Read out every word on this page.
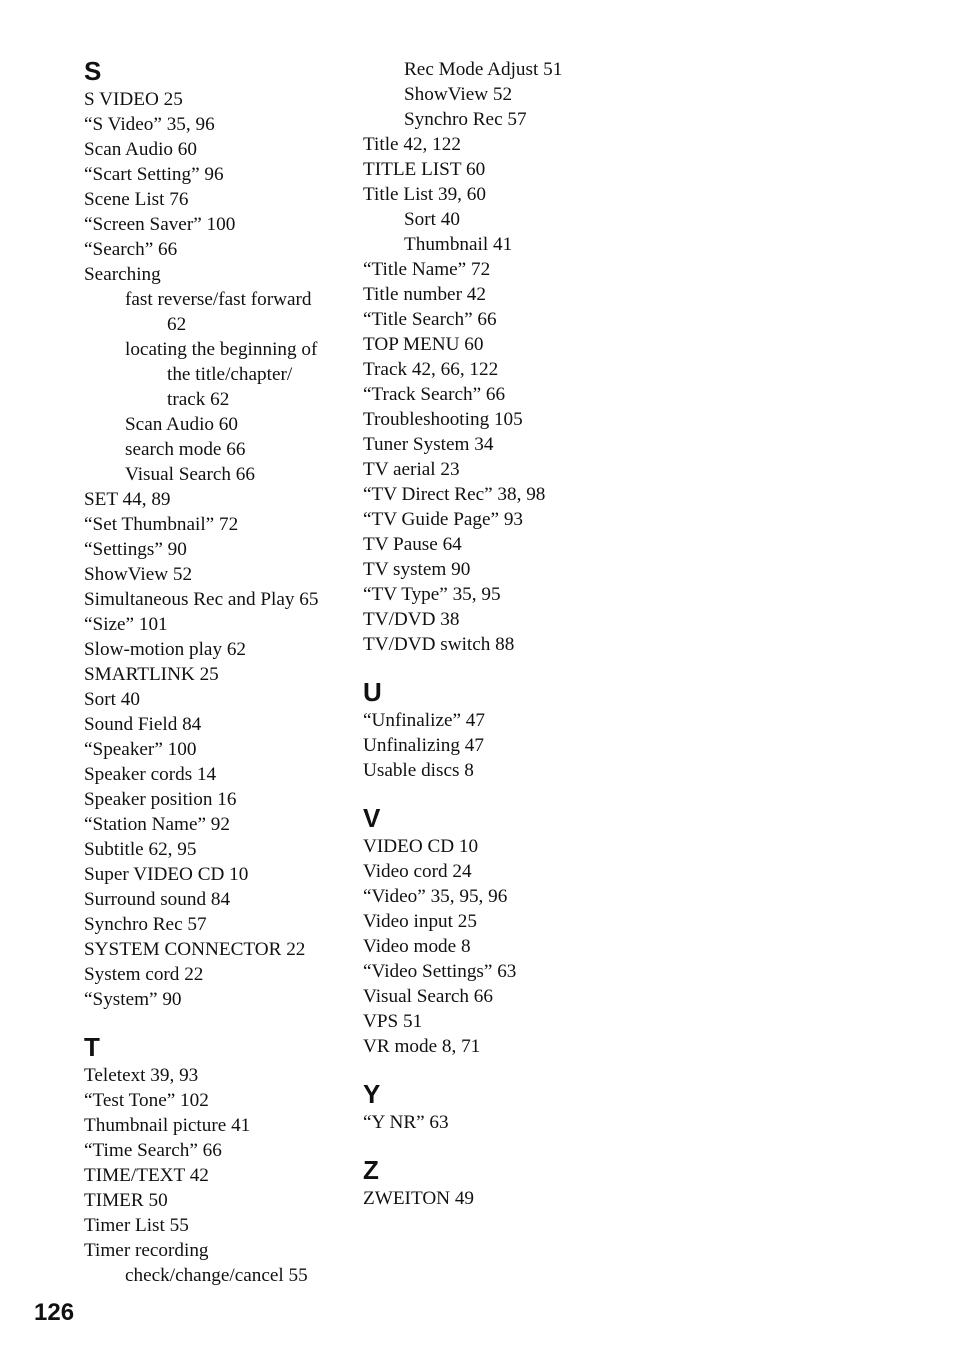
S
S VIDEO 25
“S Video” 35, 96
Scan Audio 60
“Scart Setting” 96
Scene List 76
“Screen Saver” 100
“Search” 66
Searching
fast reverse/fast forward
62
locating the beginning of
the title/chapter/
track 62
Scan Audio 60
search mode 66
Visual Search 66
SET 44, 89
“Set Thumbnail” 72
“Settings” 90
ShowView 52
Simultaneous Rec and Play 65
“Size” 101
Slow-motion play 62
SMARTLINK 25
Sort 40
Sound Field 84
“Speaker” 100
Speaker cords 14
Speaker position 16
“Station Name” 92
Subtitle 62, 95
Super VIDEO CD 10
Surround sound 84
Synchro Rec 57
SYSTEM CONNECTOR 22
System cord 22
“System” 90
T
Teletext 39, 93
“Test Tone” 102
Thumbnail picture 41
“Time Search” 66
TIME/TEXT 42
TIMER 50
Timer List 55
Timer recording
check/change/cancel 55
Rec Mode Adjust 51
ShowView 52
Synchro Rec 57
Title 42, 122
TITLE LIST 60
Title List 39, 60
Sort 40
Thumbnail 41
“Title Name” 72
Title number 42
“Title Search” 66
TOP MENU 60
Track 42, 66, 122
“Track Search” 66
Troubleshooting 105
Tuner System 34
TV aerial 23
“TV Direct Rec” 38, 98
“TV Guide Page” 93
TV Pause 64
TV system 90
“TV Type” 35, 95
TV/DVD 38
TV/DVD switch 88
U
“Unfinalize” 47
Unfinalizing 47
Usable discs 8
V
VIDEO CD 10
Video cord 24
“Video” 35, 95, 96
Video input 25
Video mode 8
“Video Settings” 63
Visual Search 66
VPS 51
VR mode 8, 71
Y
“Y NR” 63
Z
ZWEITON 49
126
